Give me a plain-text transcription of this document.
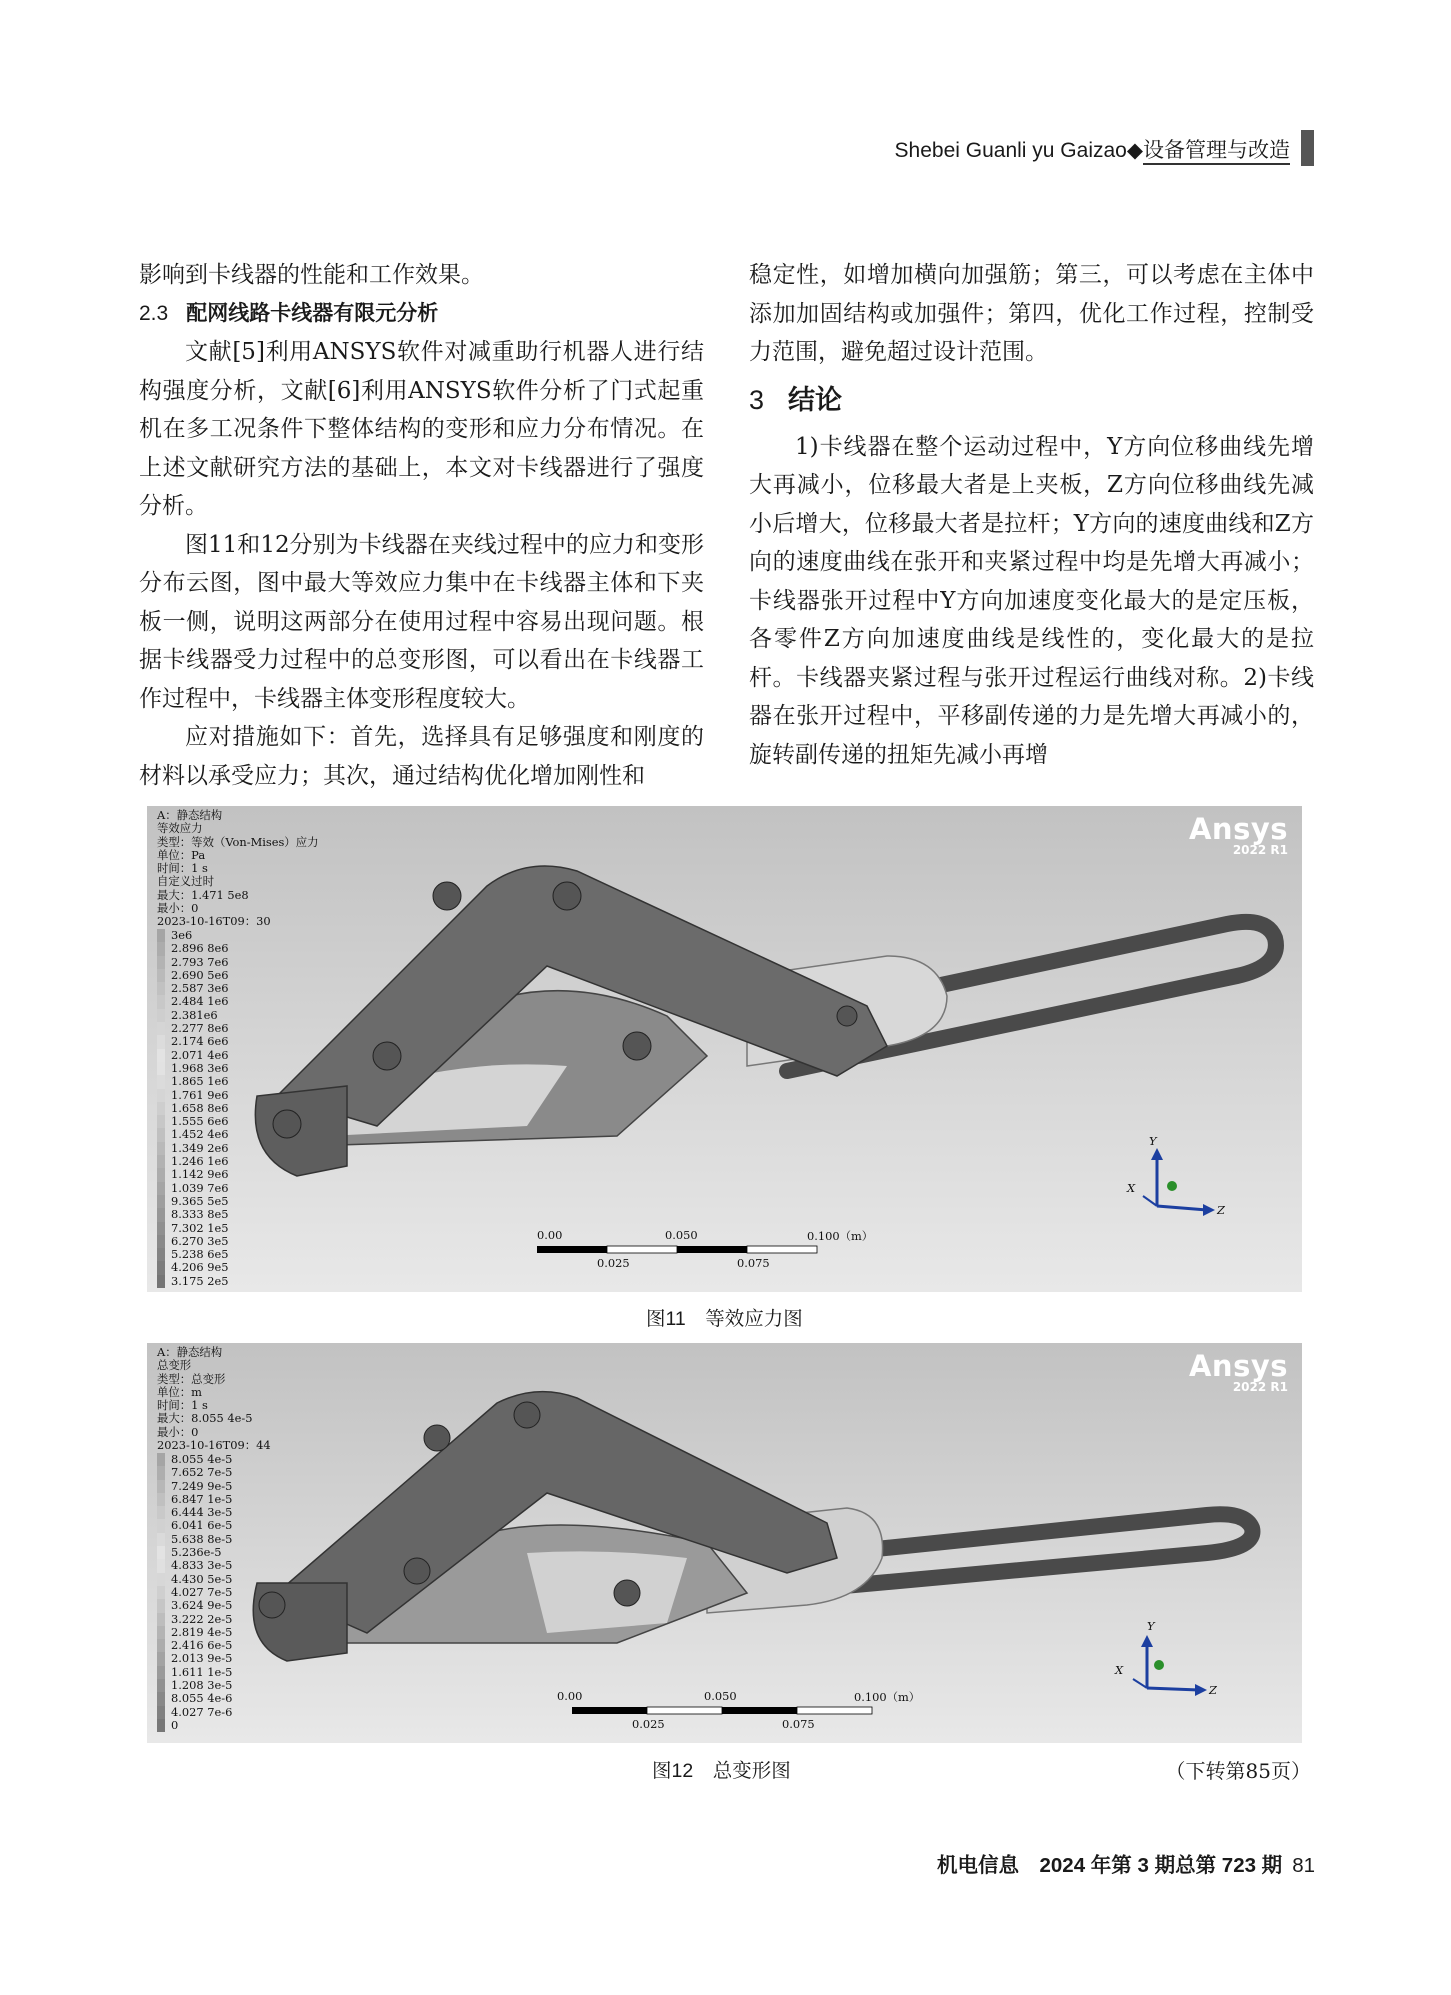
Shebei Guanli yu Gaizao◆设备管理与改造

影响到卡线器的性能和工作效果。

2.3 配网线路卡线器有限元分析

文献[5]利用ANSYS软件对减重助行机器人进行结构强度分析，文献[6]利用ANSYS软件分析了门式起重机在多工况条件下整体结构的变形和应力分布情况。在上述文献研究方法的基础上，本文对卡线器进行了强度分析。

图11和12分别为卡线器在夹线过程中的应力和变形分布云图，图中最大等效应力集中在卡线器主体和下夹板一侧，说明这两部分在使用过程中容易出现问题。根据卡线器受力过程中的总变形图，可以看出在卡线器工作过程中，卡线器主体变形程度较大。

应对措施如下：首先，选择具有足够强度和刚度的材料以承受应力；其次，通过结构优化增加刚性和

稳定性，如增加横向加强筋；第三，可以考虑在主体中添加加固结构或加强件；第四，优化工作过程，控制受力范围，避免超过设计范围。

3 结论

1)卡线器在整个运动过程中，Y方向位移曲线先增大再减小，位移最大者是上夹板，Z方向位移曲线先减小后增大，位移最大者是拉杆；Y方向的速度曲线和Z方向的速度曲线在张开和夹紧过程中均是先增大再减小；卡线器张开过程中Y方向加速度变化最大的是定压板，各零件Z方向加速度曲线是线性的，变化最大的是拉杆。卡线器夹紧过程与张开过程运行曲线对称。2)卡线器在张开过程中，平移副传递的力是先增大再减小的，旋转副传递的扭矩先减小再增

A：静态结构
等效应力
类型：等效（Von-Mises）应力
单位：Pa
时间：1 s
自定义过时
最大：1.471 5e8
最小：0
2023-10-16T09：30
3e6
2.896 8e6
2.793 7e6
2.690 5e6
2.587 3e6
2.484 1e6
2.381e6
2.277 8e6
2.174 6e6
2.071 4e6
1.968 3e6
1.865 1e6
1.761 9e6
1.658 8e6
1.555 6e6
1.452 4e6
1.349 2e6
1.246 1e6
1.142 9e6
1.039 7e6
9.365 5e5
8.333 8e5
7.302 1e5
6.270 3e5
5.238 6e5
4.206 9e5
3.175 2e5
Ansys
2022 R1
0.00	0.050	0.100（m）
0.025	0.075
Y
X
Z
图11　等效应力图
A：静态结构
总变形
类型：总变形
单位：m
时间：1 s
最大：8.055 4e-5
最小：0
2023-10-16T09：44
8.055 4e-5
7.652 7e-5
7.249 9e-5
6.847 1e-5
6.444 3e-5
6.041 6e-5
5.638 8e-5
5.236e-5
4.833 3e-5
4.430 5e-5
4.027 7e-5
3.624 9e-5
3.222 2e-5
2.819 4e-5
2.416 6e-5
2.013 9e-5
1.611 1e-5
1.208 3e-5
8.055 4e-6
4.027 7e-6
0
Ansys
2022 R1
0.00	0.050	0.100（m）
0.025	0.075
Y
X
Z
图12　总变形图	（下转第85页）
机电信息　2024 年第 3 期总第 723 期 81
